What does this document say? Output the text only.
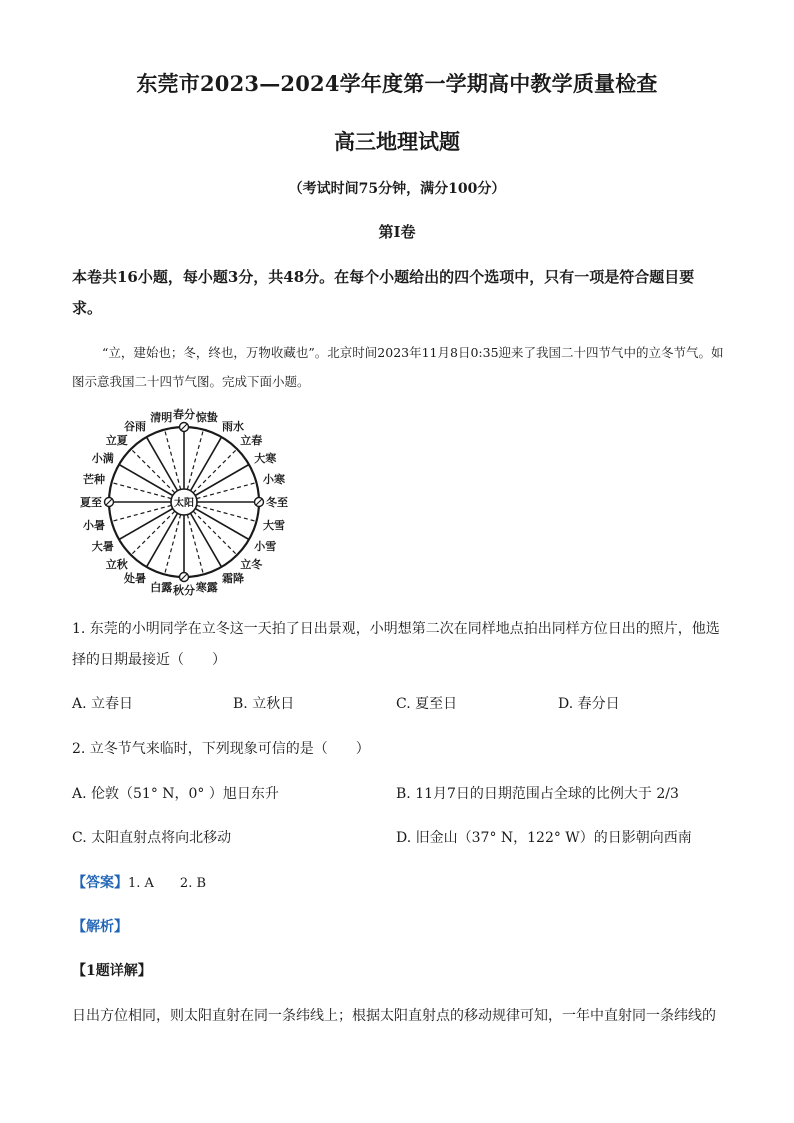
东莞市2023—2024学年度第一学期高中教学质量检查
高三地理试题
（考试时间75分钟，满分100分）
第I卷
本卷共16小题，每小题3分，共48分。在每个小题给出的四个选项中，只有一项是符合题目要求。
“立，建始也；冬，终也，万物收藏也”。北京时间2023年11月8日0:35迎来了我国二十四节气中的立冬节气。如图示意我国二十四节气图。完成下面小题。
春分 惊蛰
雨水
立春
大寒
小寒
冬至
大雪
小雪
立冬
霜降
寒露
秋分
白露
处暑
立秋
大暑
小暑
夏至
芒种
小满
立夏
谷雨
清明
太阳
1. 东莞的小明同学在立冬这一天拍了日出景观，小明想第二次在同样地点拍出同样方位日出的照片，他选择的日期最接近（　　）
A. 立春日	B. 立秋日	C. 夏至日	D. 春分日
2. 立冬节气来临时，下列现象可信的是（　　）
A. 伦敦（51° N，0° ）旭日东升	B. 11月7日的日期范围占全球的比例大于 2/3
C. 太阳直射点将向北移动	D. 旧金山（37° N，122° W）的日影朝向西南
【答案】1. A　　2. B
【解析】
【1题详解】
日出方位相同，则太阳直射在同一条纬线上；根据太阳直射点的移动规律可知，一年中直射同一条纬线的
